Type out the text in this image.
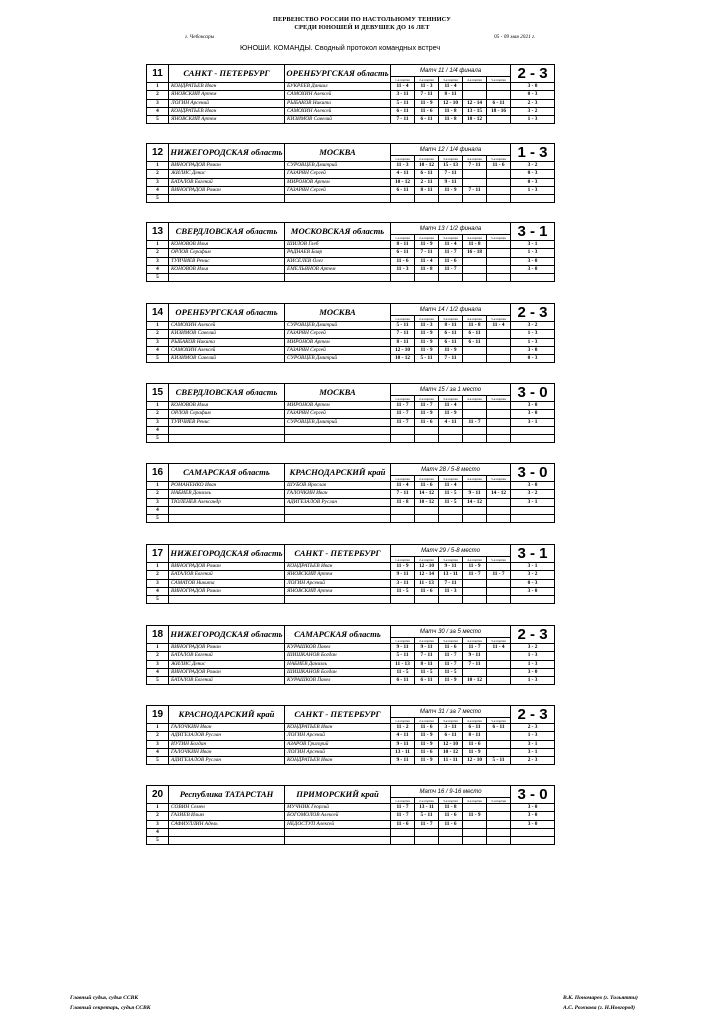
ПЕРВЕНСТВО РОССИИ ПО НАСТОЛЬНОМУ ТЕННИСУ
СРЕДИ ЮНОШЕЙ И ДЕВУШЕК ДО 16 ЛЕТ
г. Чебоксары	05 - 09 мая 2021 г.
ЮНОШИ. КОМАНДЫ. Сводный протокол командных встреч
11	САНКТ - ПЕТЕРБУРГ	ОРЕНБУРГСКАЯ область	Матч 11 / 1/4 финала					2 - 3
			1-я партия	2-я партия	3-я партия	4-я партия	5-я партия	
1	КОНДРАТЬЕВ Иван	БУКРЕЕВ Даниил	11 - 4	11 - 3	11 - 4			3 - 0
2	ЯНОВСКИЙ Артем	САМОХИН Алексей	3 - 11	7 - 11	8 - 11			0 - 3
3	ЛОГИН Арсений	РЫБАКОВ Никита	5 - 11	11 - 9	12 - 10	12 - 14	6 - 11	2 - 3
4	КОНДРАТЬЕВ Иван	САМОХИН Алексей	6 - 11	11 - 6	11 - 8	13 - 15	18 - 16	3 - 2
5	ЯНОВСКИЙ Артем	КИЗИМОВ Савелий	7 - 11	6 - 11	11 - 8	10 - 12		1 - 3
12	НИЖЕГОРОДСКАЯ область	МОСКВА	Матч 12 / 1/4 финала					1 - 3
			1-я партия	2-я партия	3-я партия	4-я партия	5-я партия	
1	ВИНОГРАДОВ Роман	СУРОВЦЕВ Дмитрий	11 - 3	10 - 12	15 - 13	7 - 11	11 - 6	3 - 2
2	ЖИЛИС Денис	ГАЗАРЯН Сергей	4 - 11	6 - 11	7 - 11			0 - 3
3	БАТАЛОВ Евгений	МИРОНОВ Артем	10 - 12	2 - 11	9 - 11			0 - 3
4	ВИНОГРАДОВ Роман	ГАЗАРЯН Сергей	6 - 11	8 - 11	11 - 9	7 - 11		1 - 3
5								
13	СВЕРДЛОВСКАЯ область	МОСКОВСКАЯ область	Матч 13 / 1/2 финала					3 - 1
			1-я партия	2-я партия	3-я партия	4-я партия	5-я партия	
1	КОНОВОВ Илья	ШИЛОВ Глеб	8 - 11	11 - 9	11 - 4	11 - 8		3 - 1
2	ОРЛОВ Серафим	РАДНАЕВ Баяр	6 - 11	7 - 11	11 - 7	16 - 18		1 - 3
3	ТУЙЧИЕВ Ренис	КИСЕЛЕВ Олег	11 - 6	11 - 4	11 - 6			3 - 0
4	КОНОВОВ Илья	ЕМЕЛЬЯНОВ Артем	11 - 3	11 - 8	11 - 7			3 - 0
5								
14	ОРЕНБУРГСКАЯ область	МОСКВА	Матч 14 / 1/2 финала					2 - 3
			1-я партия	2-я партия	3-я партия	4-я партия	5-я партия	
1	САМОХИН Алексей	СУРОВЦЕВ Дмитрий	5 - 11	11 - 3	8 - 11	11 - 8	11 - 4	3 - 2
2	КИЗИМОВ Савелий	ГАЗАРЯН Сергей	7 - 11	11 - 9	6 - 11	6 - 11		1 - 3
3	РЫБАКОВ Никита	МИРОНОВ Артем	8 - 11	11 - 9	6 - 11	6 - 11		1 - 3
4	САМОХИН Алексей	ГАЗАРЯН Сергей	12 - 10	11 - 9	11 - 9			3 - 0
5	КИЗИМОВ Савелий	СУРОВЦЕВ Дмитрий	10 - 12	5 - 11	7 - 11			0 - 3
15	СВЕРДЛОВСКАЯ область	МОСКВА	Матч 15 / за 1 место					3 - 0
			1-я партия	2-я партия	3-я партия	4-я партия	5-я партия	
1	КОНОВОВ Илья	МИРОНОВ Артем	11 - 7	11 - 7	11 - 4			3 - 0
2	ОРЛОВ Серафим	ГАЗАРЯН Сергей	11 - 7	11 - 9	11 - 9			3 - 0
3	ТУЙЧИЕВ Ренис	СУРОВЦЕВ Дмитрий	11 - 7	11 - 6	4 - 11	11 - 7		3 - 1
4								
5								
16	САМАРСКАЯ область	КРАСНОДАРСКИЙ край	Матч 28 / 5-8 место					3 - 0
			1-я партия	2-я партия	3-я партия	4-я партия	5-я партия	
1	РОМАНЕНКО Иван	ШУБОВ Ярослав	11 - 4	11 - 6	11 - 4			3 - 0
2	НАБИЕВ Даниэль	ГАЛОЧКИН Иван	7 - 11	14 - 12	11 - 5	9 - 11	14 - 12	3 - 2
3	ТЮЛЕНЕВ Александр	АДИГЕЗАЛОВ Руслан	11 - 8	10 - 12	11 - 5	14 - 12		3 - 1
4								
5								
17	НИЖЕГОРОДСКАЯ область	САНКТ - ПЕТЕРБУРГ	Матч 29 / 5-8 место					3 - 1
			1-я партия	2-я партия	3-я партия	4-я партия	5-я партия	
1	ВИНОГРАДОВ Роман	КОНДРАТЬЕВ Иван	11 - 9	12 - 10	9 - 11	11 - 9		3 - 1
2	БАТАЛОВ Евгений	ЯНОВСКИЙ Артем	9 - 11	12 - 14	13 - 11	11 - 7	11 - 7	3 - 2
3	САМАТОВ Никита	ЛОГИН Арсений	3 - 11	11 - 13	7 - 11			0 - 3
4	ВИНОГРАДОВ Роман	ЯНОВСКИЙ Артем	11 - 5	11 - 6	11 - 3			3 - 0
5								
18	НИЖЕГОРОДСКАЯ область	САМАРСКАЯ область	Матч 30 / за 5 место					2 - 3
			1-я партия	2-я партия	3-я партия	4-я партия	5-я партия	
1	ВИНОГРАДОВ Роман	КУРАШКОВ Павел	9 - 11	9 - 11	11 - 6	11 - 7	11 - 4	3 - 2
2	БАТАЛОВ Евгений	ШИШКАНОВ Богдан	5 - 11	7 - 11	11 - 7	9 - 11		1 - 3
3	ЖИЛИС Денис	НАБИЕВ Даниэль	11 - 13	8 - 11	11 - 7	7 - 11		1 - 3
4	ВИНОГРАДОВ Роман	ШИШКАНОВ Богдан	11 - 5	11 - 5	11 - 5			3 - 0
5	БАТАЛОВ Евгений	КУРАШКОВ Павел	6 - 11	6 - 11	11 - 9	10 - 12		1 - 3
19	КРАСНОДАРСКИЙ край	САНКТ - ПЕТЕРБУРГ	Матч 31 / за 7 место					2 - 3
			1-я партия	2-я партия	3-я партия	4-я партия	5-я партия	
1	ГАЛОЧКИН Иван	КОНДРАТЬЕВ Иван	11 - 2	11 - 6	3 - 11	6 - 11	6 - 11	2 - 3
2	АДИГЕЗАЛОВ Руслан	ЛОГИН Арсений	4 - 11	11 - 9	6 - 11	8 - 11		1 - 3
3	ИУТИН Богдан	АЗАРОВ Григорий	9 - 11	11 - 9	12 - 10	11 - 6		3 - 1
4	ГАЛОЧКИН Иван	ЛОГИН Арсений	13 - 11	11 - 6	10 - 12	11 - 9		3 - 1
5	АДИГЕЗАЛОВ Руслан	КОНДРАТЬЕВ Иван	9 - 11	11 - 9	11 - 11	12 - 10	5 - 11	2 - 3
20	Республика ТАТАРСТАН	ПРИМОРСКИЙ край	Матч 16 / 9-16 место					3 - 0
			1-я партия	2-я партия	3-я партия	4-я партия	5-я партия	
1	СОВИН Семен	МУЧНИК Георгий	11 - 7	13 - 11	11 - 8			3 - 0
2	ГАЗИЕВ Ильяз	БОГОМОЛОВ Алексей	11 - 7	5 - 11	11 - 6	11 - 9		3 - 0
3	САФИУЛЛИН Адель	НЕДОСТУП Алексей	11 - 6	11 - 7	11 - 6			3 - 0
4								
5								
Главный судья, судья ССВК
Главный секретарь, судья ССВК
В.К. Пономарев (г. Тольятти)
А.С. Рожкова (г. Н.Новгород)
